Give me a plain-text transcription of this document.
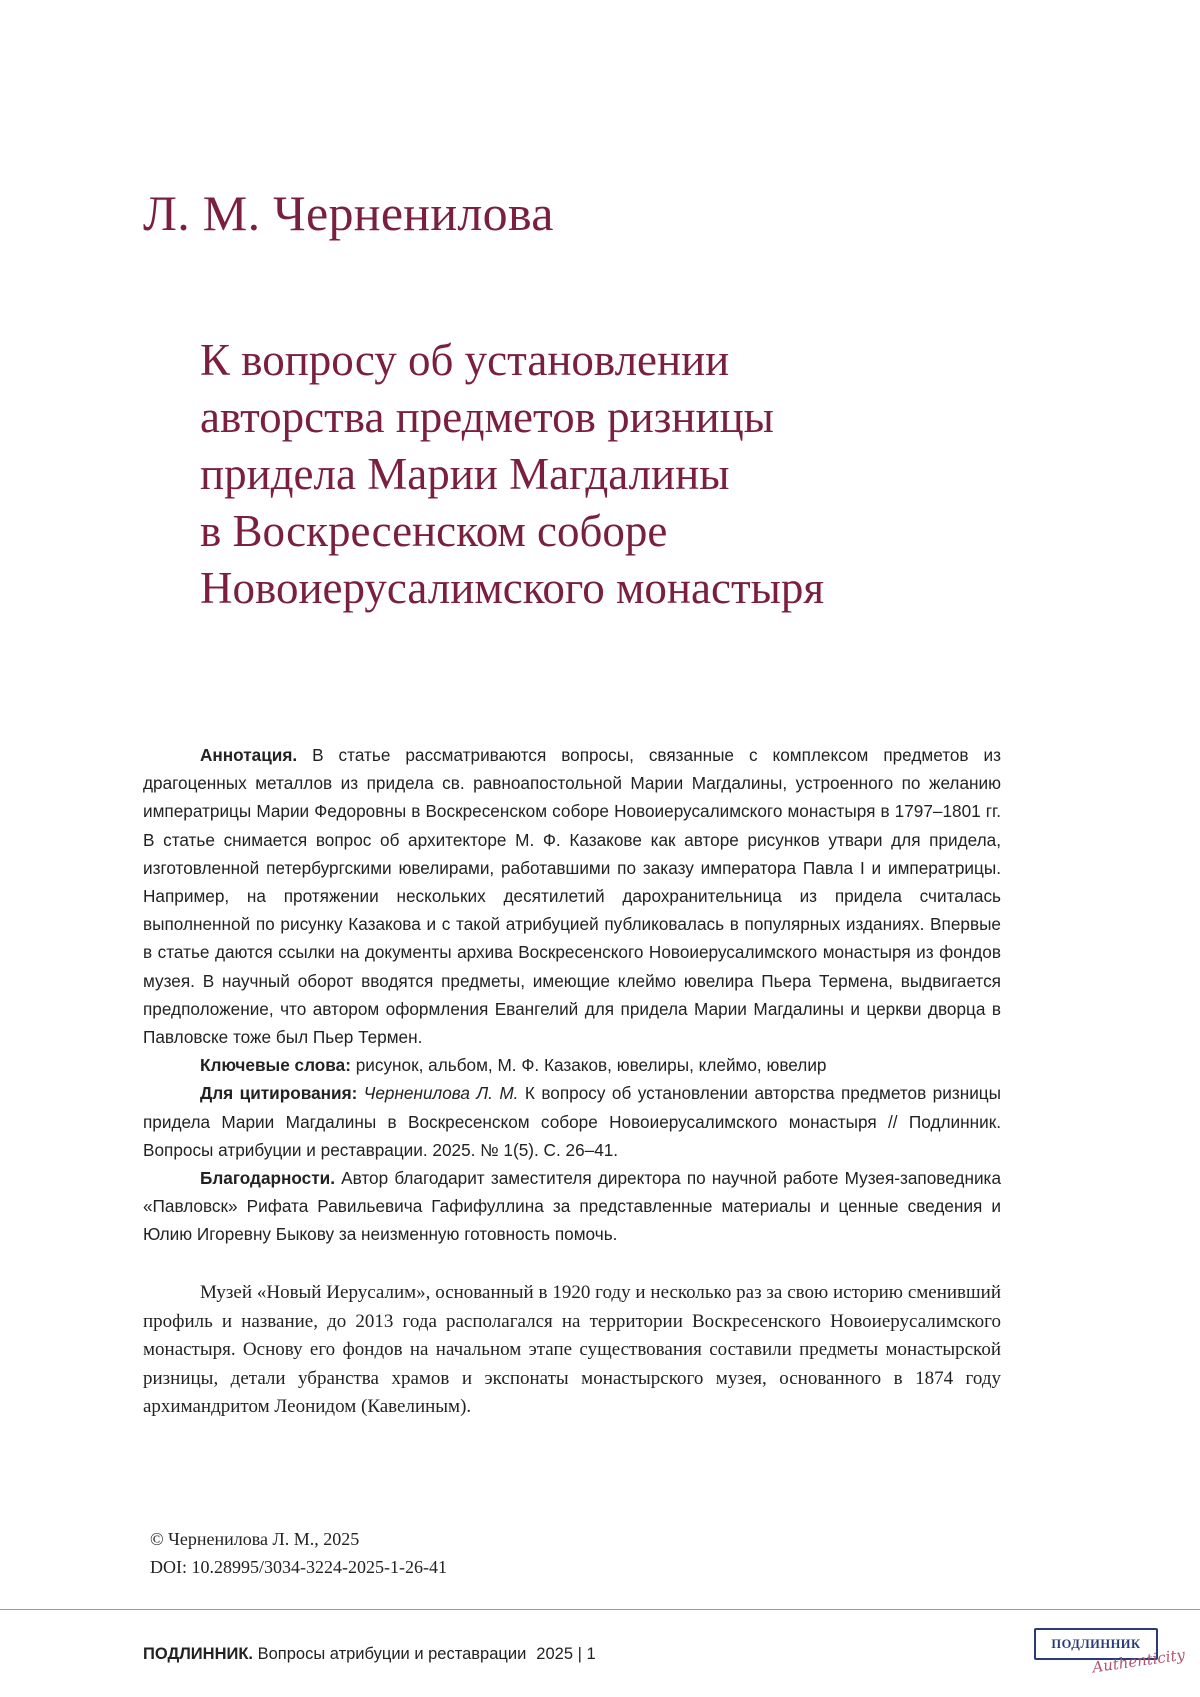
Л. М. Черненилова
К вопросу об установлении
авторства предметов ризницы
придела Марии Магдалины
в Воскресенском соборе
Новоиерусалимского монастыря

Аннотация. В статье рассматриваются вопросы, связанные с комплексом предметов из драгоценных металлов из придела св. равноапостольной Марии Магдалины, устроенного по желанию императрицы Марии Федоровны в Воскресенском соборе Новоиерусалимского монастыря в 1797–1801 гг. В статье снимается вопрос об архитекторе М. Ф. Казакове как авторе рисунков утвари для придела, изготовленной петербургскими ювелирами, работавшими по заказу императора Павла I и императрицы. Например, на протяжении нескольких десятилетий дарохранительница из придела считалась выполненной по рисунку Казакова и с такой атрибуцией публиковалась в популярных изданиях. Впервые в статье даются ссылки на документы архива Воскресенского Новоиерусалимского монастыря из фондов музея. В научный оборот вводятся предметы, имеющие клеймо ювелира Пьера Термена, выдвигается предположение, что автором оформления Евангелий для придела Марии Магдалины и церкви дворца в Павловске тоже был Пьер Термен.

Ключевые слова: рисунок, альбом, М. Ф. Казаков, ювелиры, клеймо, ювелир

Для цитирования: Черненилова Л. М. К вопросу об установлении авторства предметов ризницы придела Марии Магдалины в Воскресенском соборе Новоиерусалимского монастыря // Подлинник. Вопросы атрибуции и реставрации. 2025. № 1(5). С. 26–41.

Благодарности. Автор благодарит заместителя директора по научной работе Музея-заповедника «Павловск» Рифата Равильевича Гафифуллина за представленные материалы и ценные сведения и Юлию Игоревну Быкову за неизменную готовность помочь.

Музей «Новый Иерусалим», основанный в 1920 году и несколько раз за свою историю сменивший профиль и название, до 2013 года располагался на территории Воскресенского Новоиерусалимского монастыря. Основу его фондов на начальном этапе существования составили предметы монастырской ризницы, детали убранства храмов и экспонаты монастырского музея, основанного в 1874 году архимандритом Леонидом (Кавелиным).

© Черненилова Л. М., 2025
DOI: 10.28995/3034-3224-2025-1-26-41
ПОДЛИННИК. Вопросы атрибуции и реставрации 2025 | 1
ПОДЛИННИК
Authenticity
